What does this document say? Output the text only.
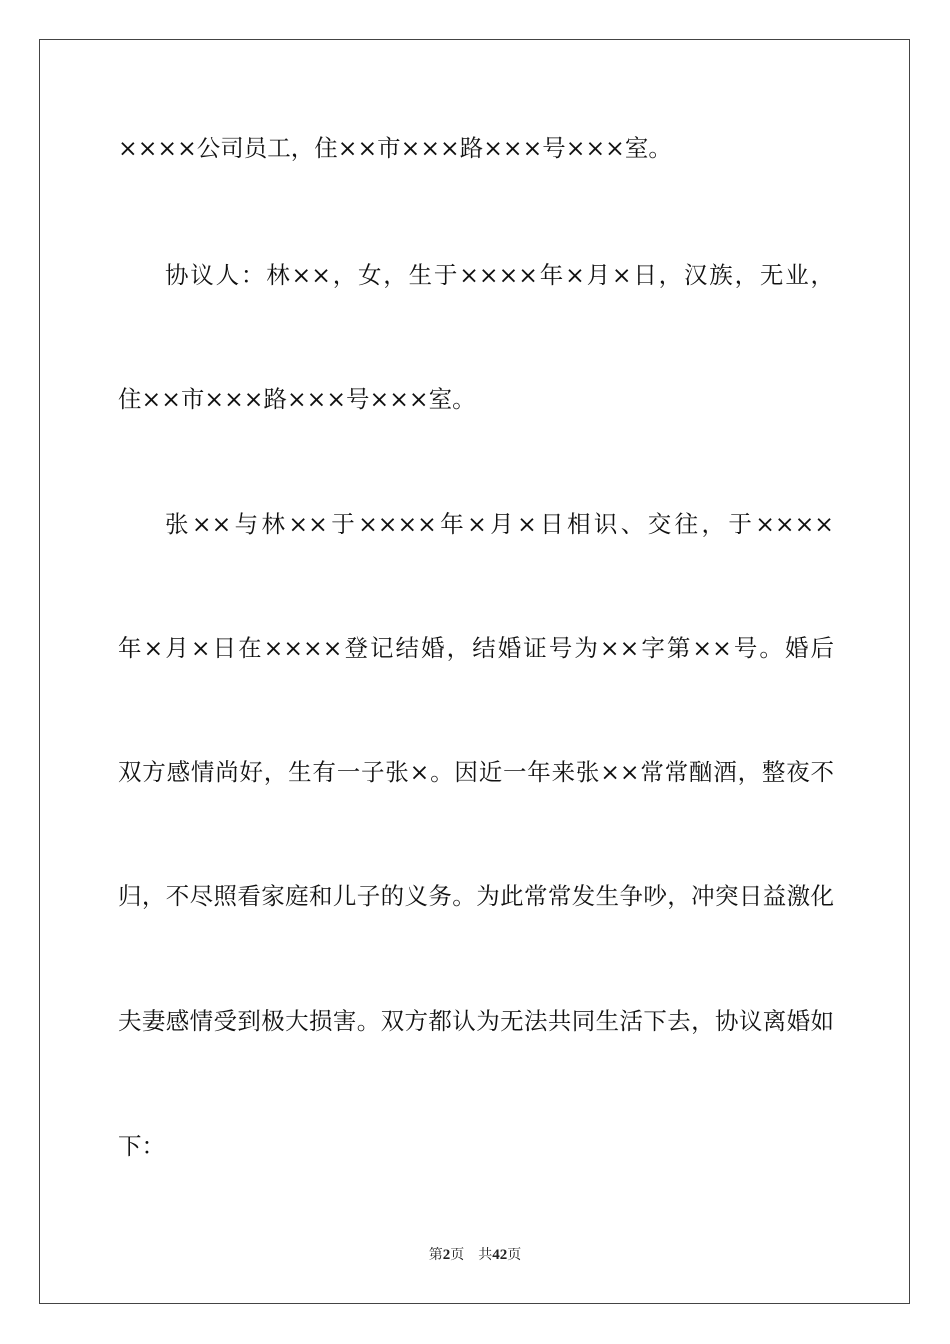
××××公司员工，住××市×××路×××号×××室。
协议人：林××，女，生于××××年×月×日，汉族，无业，
住××市×××路×××号×××室。
张××与林××于××××年×月×日相识、交往，于××××
年×月×日在××××登记结婚，结婚证号为××字第××号。婚后
双方感情尚好，生有一子张×。因近一年来张××常常酗酒，整夜不
归，不尽照看家庭和儿子的义务。为此常常发生争吵，冲突日益激化
夫妻感情受到极大损害。双方都认为无法共同生活下去，协议离婚如
下：
第2页 共42页
